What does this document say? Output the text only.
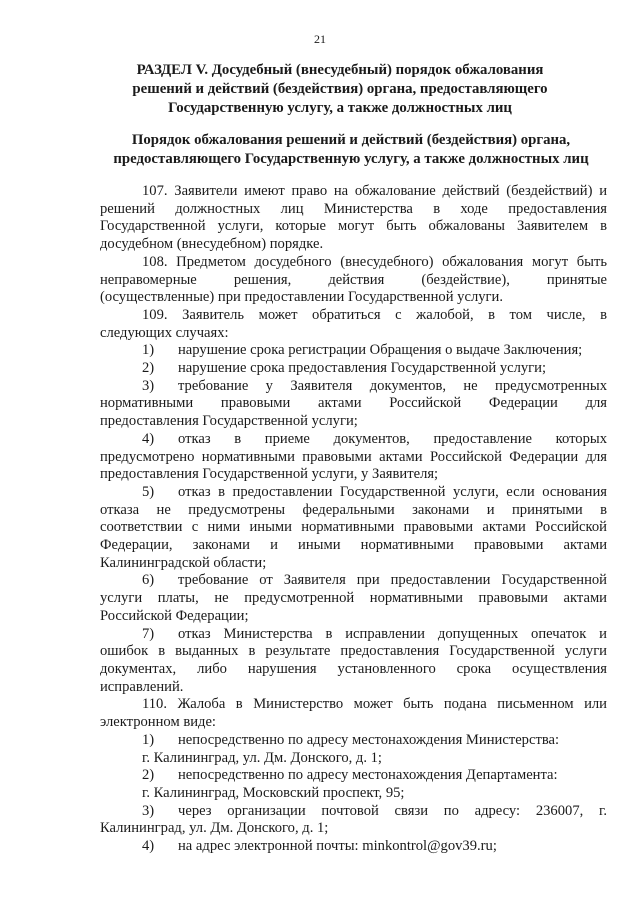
21
РАЗДЕЛ V. Досудебный (внесудебный) порядок обжалования
решений и действий (бездействия) органа, предоставляющего
Государственную услугу, а также должностных лиц
Порядок обжалования решений и действий (бездействия) органа,
предоставляющего Государственную услугу, а также должностных лиц

107. Заявители имеют право на обжалование действий (бездействий) и

решений должностных лиц Министерства в ходе предоставления

Государственной услуги, которые могут быть обжалованы Заявителем в

досудебном (внесудебном) порядке.

108. Предметом досудебного (внесудебного) обжалования могут быть

неправомерные решения, действия (бездействие), принятые

(осуществленные) при предоставлении Государственной услуги.

109. Заявитель может обратиться с жалобой, в том числе, в

следующих случаях:

1)	нарушение срока регистрации Обращения о выдаче Заключения;
2)	нарушение срока предоставления Государственной услуги;
3)	требование у Заявителя документов, не предусмотренных

нормативными правовыми актами Российской Федерации для

предоставления Государственной услуги;

4)	отказ в приеме документов, предоставление которых

предусмотрено нормативными правовыми актами Российской Федерации для

предоставления Государственной услуги, у Заявителя;

5)	отказ в предоставлении Государственной услуги, если основания

отказа не предусмотрены федеральными законами и принятыми в

соответствии с ними иными нормативными правовыми актами Российской

Федерации, законами и иными нормативными правовыми актами

Калининградской области;

6)	требование от Заявителя при предоставлении Государственной

услуги платы, не предусмотренной нормативными правовыми актами

Российской Федерации;

7)	отказ Министерства в исправлении допущенных опечаток и

ошибок в выданных в результате предоставления Государственной услуги

документах, либо нарушения установленного срока осуществления

исправлений.

110. Жалоба в Министерство может быть подана письменном или

электронном виде:

1)	непосредственно по адресу местонахождения Министерства:

г. Калининград, ул. Дм. Донского, д. 1;

2)	непосредственно по адресу местонахождения Департамента:

г. Калининград, Московский проспект, 95;

3)	через организации почтовой связи по адресу: 236007, г.

Калининград, ул. Дм. Донского, д. 1;

4)	на адрес электронной почты: minkontrol@gov39.ru;
